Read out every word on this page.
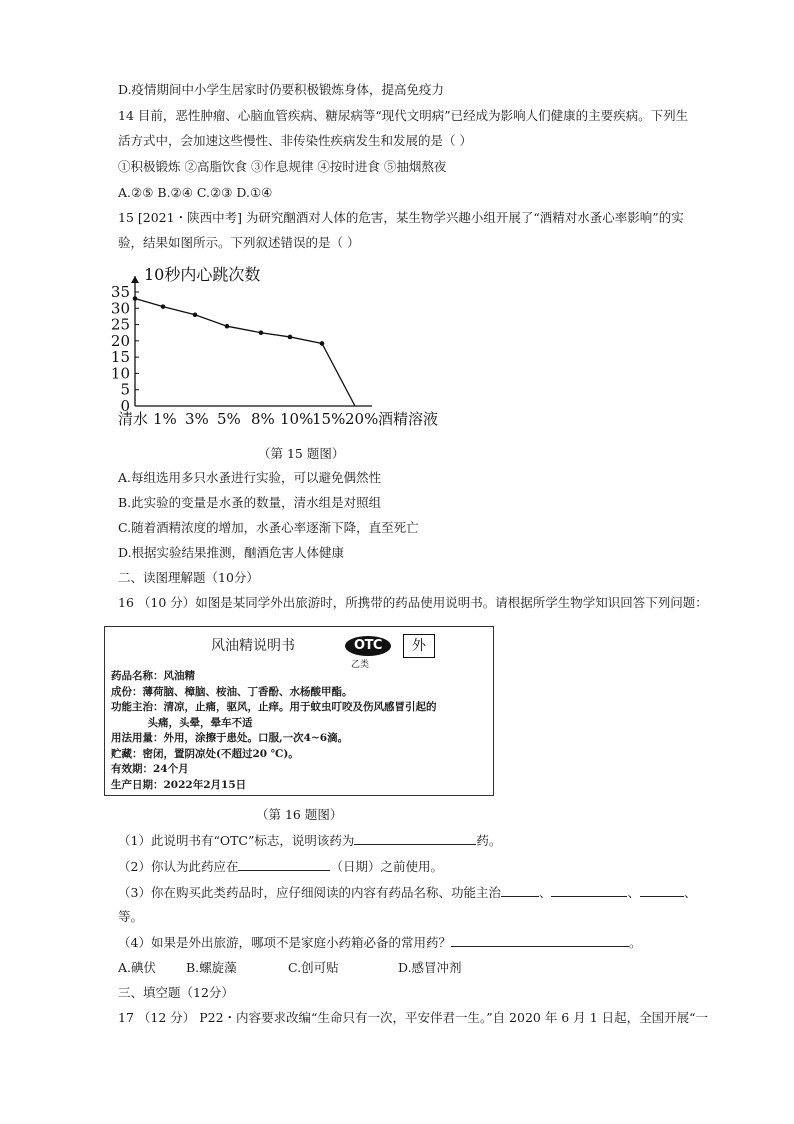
D.疫情期间中小学生居家时仍要积极锻炼身体，提高免疫力
14 目前，恶性肿瘤、心脑血管疾病、糖尿病等“现代文明病”已经成为影响人们健康的主要疾病。下列生
活方式中，会加速这些慢性、非传染性疾病发生和发展的是（ ）
①积极锻炼 ②高脂饮食 ③作息规律 ④按时进食 ⑤抽烟熬夜
A.②⑤ B.②④ C.②③ D.①④
15 [2021・陕西中考] 为研究酗酒对人体的危害，某生物学兴趣小组开展了“酒精对水蚤心率影响”的实
验，结果如图所示。下列叙述错误的是（ ）
10秒内心跳次数
0
5
10
15
20
25
30
35
清水 1% 3% 5% 8% 10%
15% 20% 酒精溶液
（第 15 题图）
A.每组选用多只水蚤进行实验，可以避免偶然性
B.此实验的变量是水蚤的数量，清水组是对照组
C.随着酒精浓度的增加，水蚤心率逐渐下降，直至死亡
D.根据实验结果推测，酗酒危害人体健康
二、读图理解题（10分）
16 （10 分）如图是某同学外出旅游时，所携带的药品使用说明书。请根据所学生物学知识回答下列问题：
风油精说明书	OTC
乙类
外
药品名称：风油精
成份：薄荷脑、樟脑、桉油、丁香酚、水杨酸甲酯。
功能主治：清凉，止痛，驱风，止痒。用于蚊虫叮咬及伤风感冒引起的
头痛，头晕，晕车不适
用法用量：外用，涂擦于患处。口服,一次4~6滴。
贮藏：密闭，置阴凉处(不超过20 ℃)。
有效期：24个月
生产日期：2022年2月15日
（第 16 题图）
（1）此说明书有“OTC”标志，说明该药为	药。
（2）你认为此药应在	（日期）之前使用。
（3）你在购买此类药品时，应仔细阅读的内容有药品名称、功能主治	、	、	、
等。
（4）如果是外出旅游，哪项不是家庭小药箱必备的常用药？	。
A.碘伏 B.螺旋藻	C.创可贴	D.感冒冲剂
三、填空题（12分）
17 （12 分） P22・内容要求改编“生命只有一次，平安伴君一生。”自 2020 年 6 月 1 日起，全国开展“一
